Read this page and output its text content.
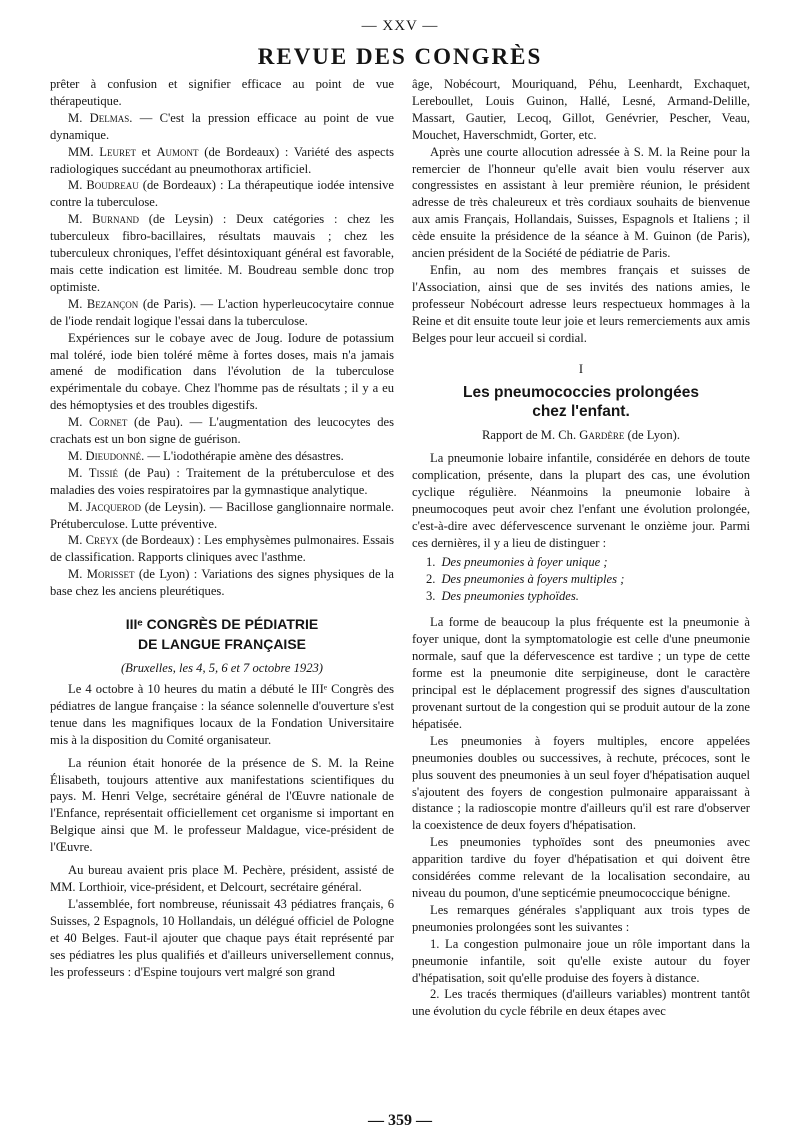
— XXV —
REVUE DES CONGRÈS

prêter à confusion et signifier efficace au point de vue thérapeutique.

M. Delmas. — C'est la pression efficace au point de vue dynamique.

MM. Leuret et Aumont (de Bordeaux) : Variété des aspects radiologiques succédant au pneumothorax artificiel.

M. Boudreau (de Bordeaux) : La thérapeutique iodée intensive contre la tuberculose.

M. Burnand (de Leysin) : Deux catégories : chez les tuberculeux fibro-bacillaires, résultats mauvais ; chez les tuberculeux chroniques, l'effet désintoxiquant général est favorable, mais cette indication est limitée. M. Boudreau semble donc trop optimiste.

M. Bezançon (de Paris). — L'action hyperleucocytaire connue de l'iode rendait logique l'essai dans la tuberculose.

Expériences sur le cobaye avec de Joug. Iodure de potassium mal toléré, iode bien toléré même à fortes doses, mais n'a jamais amené de modification dans l'évolution de la tuberculose expérimentale du cobaye. Chez l'homme pas de résultats ; il y a eu des hémoptysies et des troubles digestifs.

M. Cornet (de Pau). — L'augmentation des leucocytes des crachats est un bon signe de guérison.

M. Dieudonné. — L'iodothérapie amène des désastres.

M. Tissié (de Pau) : Traitement de la prétuberculose et des maladies des voies respiratoires par la gymnastique analytique.

M. Jacquerod (de Leysin). — Bacillose ganglionnaire normale. Prétuberculose. Lutte préventive.

M. Creyx (de Bordeaux) : Les emphysèmes pulmonaires. Essais de classification. Rapports cliniques avec l'asthme.

M. Morisset (de Lyon) : Variations des signes physiques de la base chez les anciens pleurétiques.

IIIᵉ CONGRÈS DE PÉDIATRIE
DE LANGUE FRANÇAISE
(Bruxelles, les 4, 5, 6 et 7 octobre 1923)

Le 4 octobre à 10 heures du matin a débuté le IIIᵉ Congrès des pédiatres de langue française : la séance solennelle d'ouverture s'est tenue dans les magnifiques locaux de la Fondation Universitaire mis à la disposition du Comité organisateur.

La réunion était honorée de la présence de S. M. la Reine Élisabeth, toujours attentive aux manifestations scientifiques du pays. M. Henri Velge, secrétaire général de l'Œuvre nationale de l'Enfance, représentait officiellement cet organisme si important en Belgique ainsi que M. le professeur Maldague, vice-président de l'Œuvre.

Au bureau avaient pris place M. Pechère, président, assisté de MM. Lorthioir, vice-président, et Delcourt, secrétaire général.

L'assemblée, fort nombreuse, réunissait 43 pédiatres français, 6 Suisses, 2 Espagnols, 10 Hollandais, un délégué officiel de Pologne et 40 Belges. Faut-il ajouter que chaque pays était représenté par ses pédiatres les plus qualifiés et d'ailleurs universellement connus, les professeurs : d'Espine toujours vert malgré son grand

âge, Nobécourt, Mouriquand, Péhu, Leenhardt, Exchaquet, Lereboullet, Louis Guinon, Hallé, Lesné, Armand-Delille, Massart, Gautier, Lecoq, Gillot, Genévrier, Pescher, Veau, Mouchet, Haverschmidt, Gorter, etc.

Après une courte allocution adressée à S. M. la Reine pour la remercier de l'honneur qu'elle avait bien voulu réserver aux congressistes en assistant à leur première réunion, le président adresse de très chaleureux et très cordiaux souhaits de bienvenue aux amis Français, Hollandais, Suisses, Espagnols et Italiens ; il cède ensuite la présidence de la séance à M. Guinon (de Paris), ancien président de la Société de pédiatrie de Paris.

Enfin, au nom des membres français et suisses de l'Association, ainsi que de ses invités des nations amies, le professeur Nobécourt adresse leurs respectueux hommages à la Reine et dit ensuite toute leur joie et leurs remerciements aux amis Belges pour leur accueil si cordial.

I
Les pneumococcies prolongées
chez l'enfant.
Rapport de M. Ch. Gardère (de Lyon).

La pneumonie lobaire infantile, considérée en dehors de toute complication, présente, dans la plupart des cas, une évolution cyclique régulière. Néanmoins la pneumonie lobaire à pneumocoques peut avoir chez l'enfant une évolution prolongée, c'est-à-dire avec défervescence survenant le onzième jour. Parmi ces dernières, il y a lieu de distinguer :

1. Des pneumonies à foyer unique ;
2. Des pneumonies à foyers multiples ;
3. Des pneumonies typhoïdes.

La forme de beaucoup la plus fréquente est la pneumonie à foyer unique, dont la symptomatologie est celle d'une pneumonie normale, sauf que la défervescence est tardive ; un type de cette forme est la pneumonie dite serpigineuse, dont le caractère principal est le déplacement progressif des signes d'auscultation provenant surtout de la congestion qui se produit autour de la zone hépatisée.

Les pneumonies à foyers multiples, encore appelées pneumonies doubles ou successives, à rechute, précoces, sont le plus souvent des pneumonies à un seul foyer d'hépatisation auquel s'ajoutent des foyers de congestion pulmonaire apparaissant à distance ; la radioscopie montre d'ailleurs qu'il est rare d'observer la coexistence de deux foyers d'hépatisation.

Les pneumonies typhoïdes sont des pneumonies avec apparition tardive du foyer d'hépatisation et qui doivent être considérées comme relevant de la localisation secondaire, au niveau du poumon, d'une septicémie pneumococcique bénigne.

Les remarques générales s'appliquant aux trois types de pneumonies prolongées sont les suivantes :

1. La congestion pulmonaire joue un rôle important dans la pneumonie infantile, soit qu'elle existe autour du foyer d'hépatisation, soit qu'elle produise des foyers à distance.

2. Les tracés thermiques (d'ailleurs variables) montrent tantôt une évolution du cycle fébrile en deux étapes avec

— 359 —
